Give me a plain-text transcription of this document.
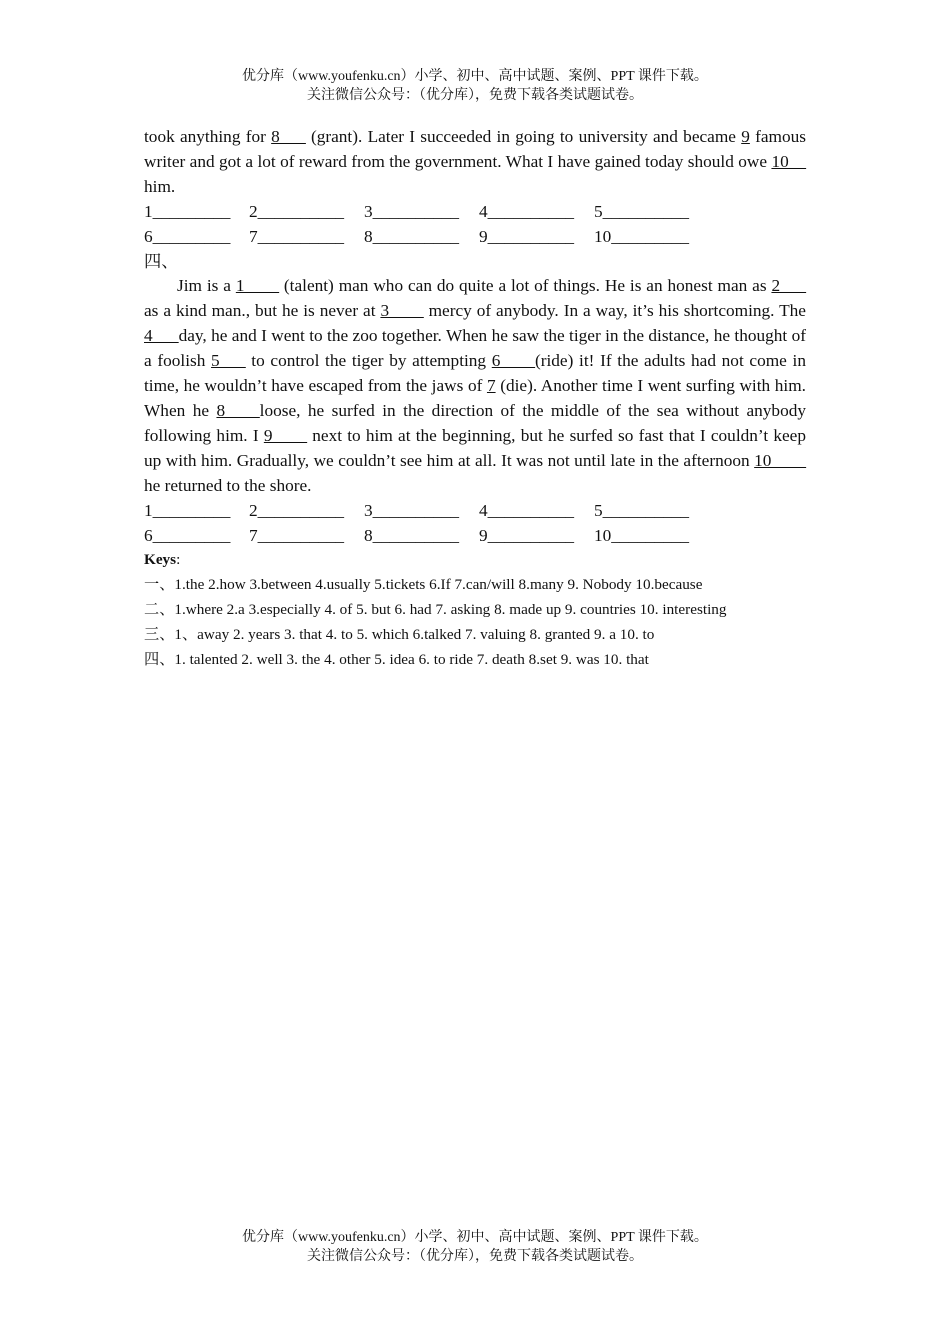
优分库（www.youfenku.cn）小学、初中、高中试题、案例、PPT 课件下载。
关注微信公众号：（优分库），免费下载各类试题试卷。

took anything for 8___ (grant). Later I succeeded in going to university and became 9 famous writer and got a lot of reward from the government. What I have gained today should owe 10__ him.

1_________	2__________	3__________	4__________	5__________
6_________	7__________	8__________	9__________	10_________
四、

Jim is a 1____ (talent) man who can do quite a lot of things. He is an honest man as 2___ as a kind man., but he is never at 3____ mercy of anybody. In a way, it’s his shortcoming. The 4___day, he and I went to the zoo together. When he saw the tiger in the distance, he thought of a foolish 5___ to control the tiger by attempting 6____(ride) it! If the adults had not come in time, he wouldn’t have escaped from the jaws of 7 (die). Another time I went surfing with him. When he 8____loose, he surfed in the direction of the middle of the sea without anybody following him. I 9____ next to him at the beginning, but he surfed so fast that I couldn’t keep up with him. Gradually, we couldn’t see him at all. It was not until late in the afternoon 10____ he returned to the shore.

1_________	2__________	3__________	4__________	5__________
6_________	7__________	8__________	9__________	10_________
Keys:
一、1.the 2.how 3.between 4.usually 5.tickets 6.If 7.can/will 8.many 9. Nobody 10.because
二、1.where 2.a 3.especially 4. of 5. but 6. had 7. asking 8. made up 9. countries 10. interesting
三、1、away 2. years 3. that 4. to 5. which 6.talked 7. valuing 8. granted 9. a 10. to
四、1. talented 2. well 3. the 4. other 5. idea 6. to ride 7. death 8.set 9. was 10. that
优分库（www.youfenku.cn）小学、初中、高中试题、案例、PPT 课件下载。
关注微信公众号：（优分库），免费下载各类试题试卷。
